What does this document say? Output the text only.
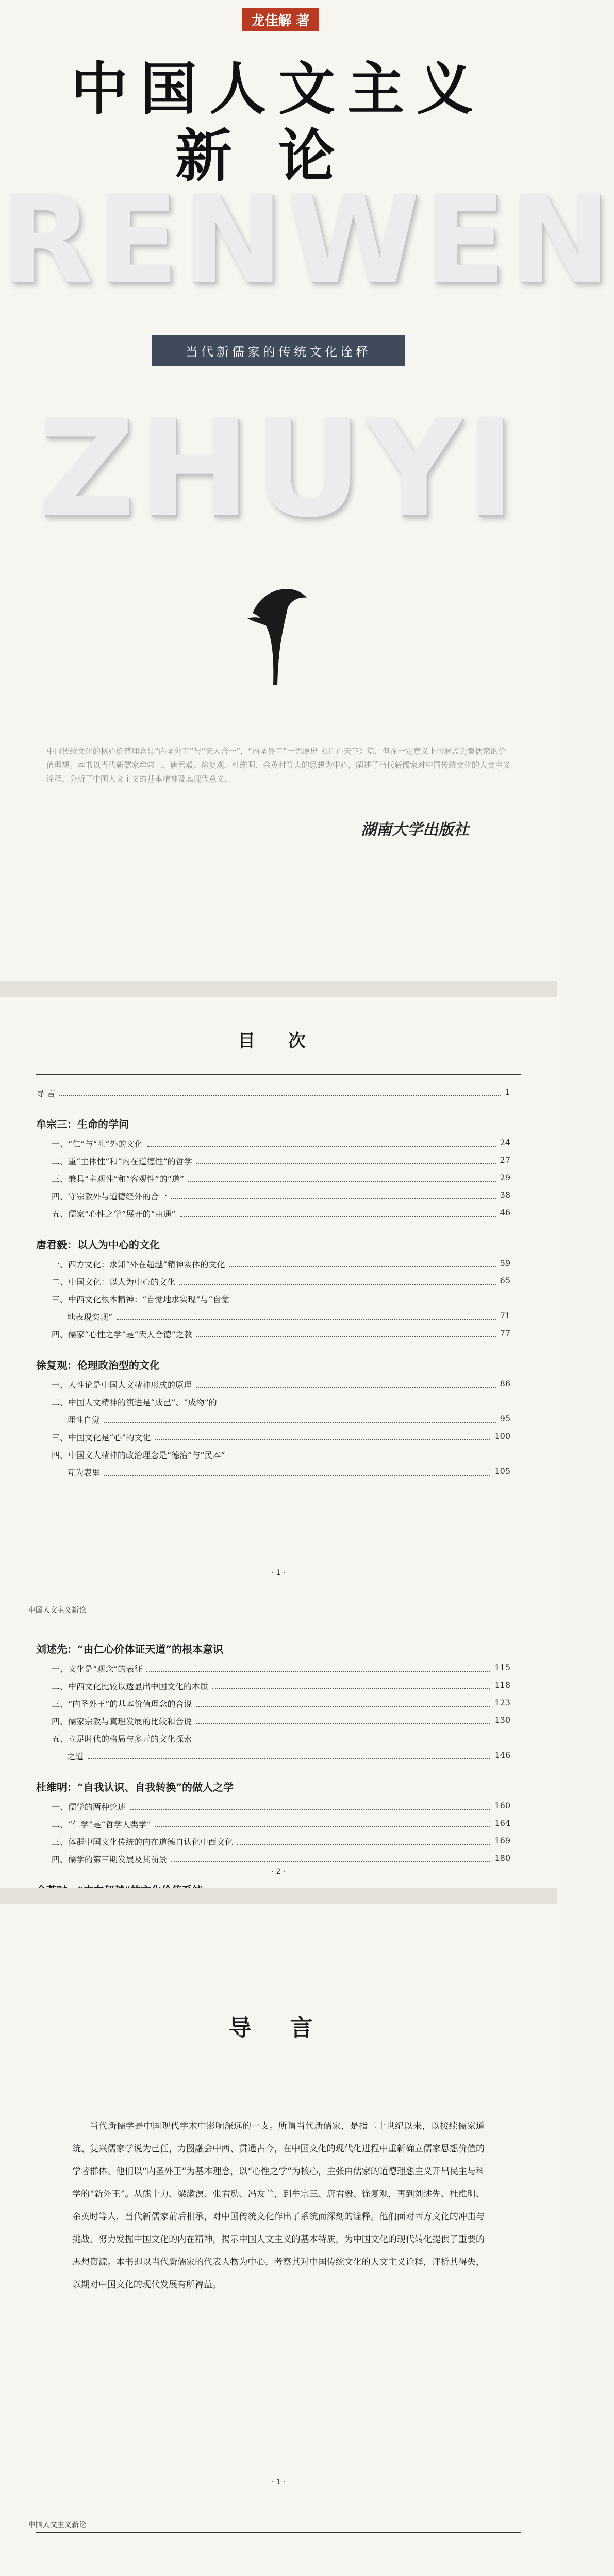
龙佳解 著
中国人文主义
新论
RENWEN
当代新儒家的传统文化诠释
ZHUYI
中国传统文化的核心价值理念是“内圣外王”与“天人合一”，“内圣外王”一语原出《庄子·天下》篇，但在一定意义上可涵盖先秦儒家的价值理想。本书以当代新儒家牟宗三、唐君毅、徐复观、杜维明、余英时等人的思想为中心，阐述了当代新儒家对中国传统文化的人文主义诠释，分析了中国人文主义的基本精神及其现代意义。
湖南大学出版社
目 次
导 言	1
牟宗三：生命的学问
一、“仁”与“礼”外的文化	24
二、重“主体性”和“内在道德性”的哲学	27
三、兼具“主观性”和“客观性”的“道”	29
四、守宗教外与道德经外的合一	38
五、儒家“心性之学”展开的“曲通”	46
唐君毅：以人为中心的文化
一、西方文化：求知“外在超越”精神实体的文化	59
二、中国文化：以人为中心的文化	65
三、中西文化根本精神：“自觉地求实现”与“自觉
地表现实现”	71
四、儒家“心性之学”是“天人合德”之教	77
徐复观：伦理政治型的文化
一、人性论是中国人文精神形成的原理	86
二、中国人文精神的演进是“成己”、“成物”的
理性自觉	95
三、中国文化是“心”的文化	100
四、中国文人精神的政治理念是“德治”与“民本”
互为表里	105
刘述先：“由仁心价体证天道”的根本意识
一、文化是“观念”的表征	115
二、中西文化比较以透显出中国文化的本质	118
三、“内圣外王”的基本价值理念的合说	123
四、儒家宗教与真理发展的比较和合说	130
五、立足时代的格局与多元的文化探索
之道	146
杜维明：“自我认识、自我转换”的做人之学
一、儒学的两种论述	160
二、“仁学”是“哲学人类学”	164
三、体群中国文化传统的内在道德自认化中西文化	169
四、儒学的第三期发展及其前景	180
· 1 ·
中国人文主义新论
· 2 ·
导 言
当代新儒学是中国现代学术中影响深远的一支。所谓当代新儒家，是指二十世纪以来，以接续儒家道统、复兴儒家学说为己任，力图融会中西、贯通古今，在中国文化的现代化进程中重新确立儒家思想价值的学者群体。他们以“内圣外王”为基本理念，以“心性之学”为核心，主张由儒家的道德理想主义开出民主与科学的“新外王”。从熊十力、梁漱溟、张君劢、冯友兰，到牟宗三、唐君毅、徐复观，再到刘述先、杜维明、余英时等人，当代新儒家前后相承，对中国传统文化作出了系统而深刻的诠释。他们面对西方文化的冲击与挑战，努力发掘中国文化的内在精神，揭示中国人文主义的基本特质，为中国文化的现代转化提供了重要的思想资源。本书即以当代新儒家的代表人物为中心，考察其对中国传统文化的人文主义诠释，评析其得失，以期对中国文化的现代发展有所裨益。
· 1 ·
中国人文主义新论
